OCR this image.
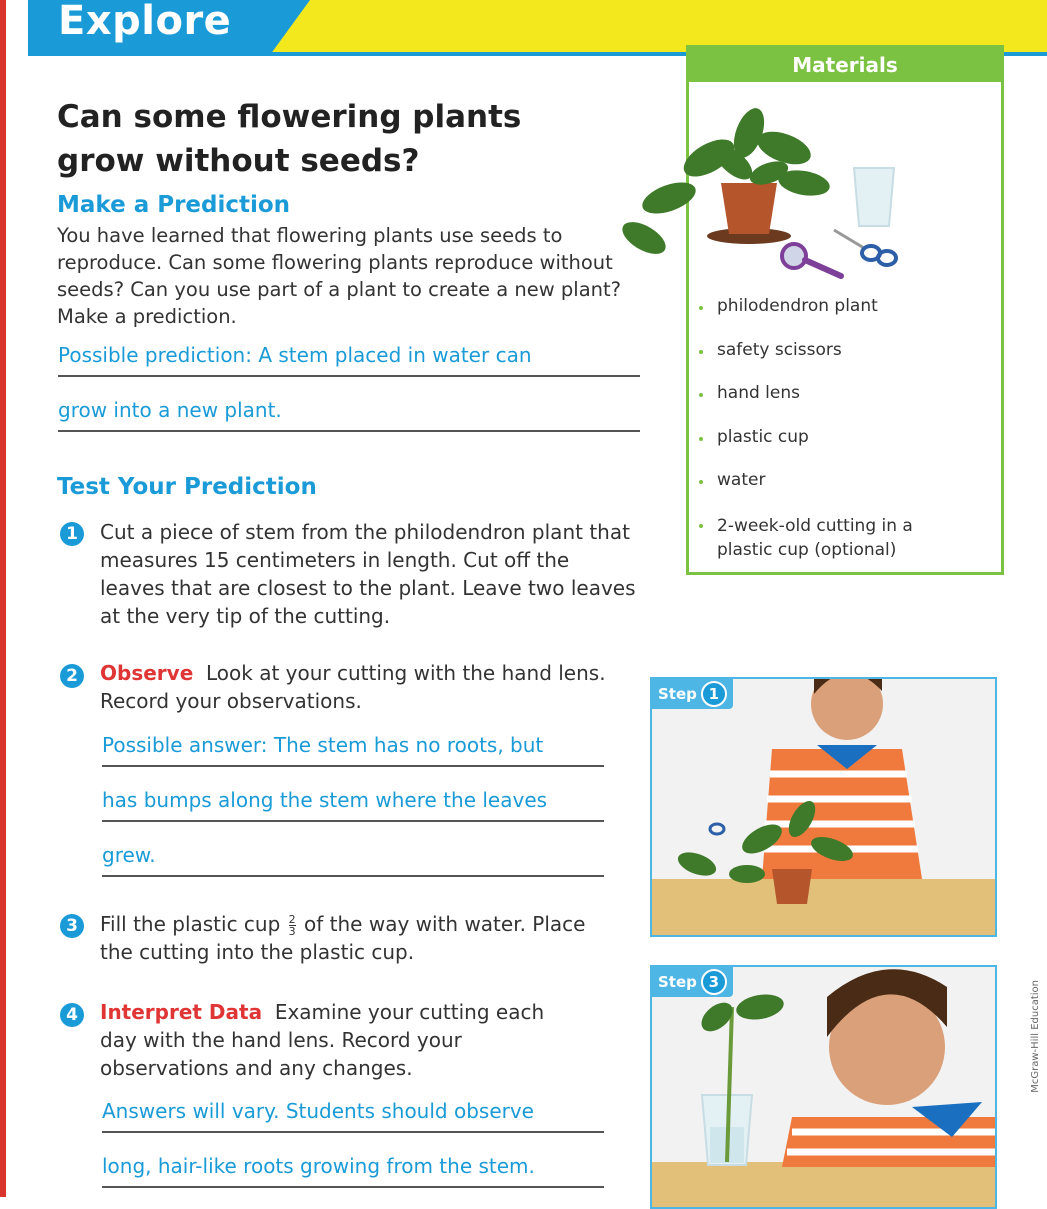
Explore
Can some flowering plants grow without seeds?
Make a Prediction
You have learned that flowering plants use seeds to reproduce. Can some flowering plants reproduce without seeds? Can you use part of a plant to create a new plant? Make a prediction.
Possible prediction: A stem placed in water can
grow into a new plant.
Test Your Prediction
1	Cut a piece of stem from the philodendron plant that measures 15 centimeters in length. Cut off the leaves that are closest to the plant. Leave two leaves at the very tip of the cutting.
2	Observe Look at your cutting with the hand lens. Record your observations.
Possible answer: The stem has no roots, but
has bumps along the stem where the leaves
grew.
3	Fill the plastic cup $\frac{2}{3}$ of the way with water. Place the cutting into the plastic cup.
4	Interpret Data Examine your cutting each day with the hand lens. Record your observations and any changes.
Answers will vary. Students should observe
long, hair-like roots growing from the stem.
Materials
philodendron plant
safety scissors
hand lens
plastic cup
water
2-week-old cutting in a plastic cup (optional)
Step 1
Step 3	McGraw-Hill Education
